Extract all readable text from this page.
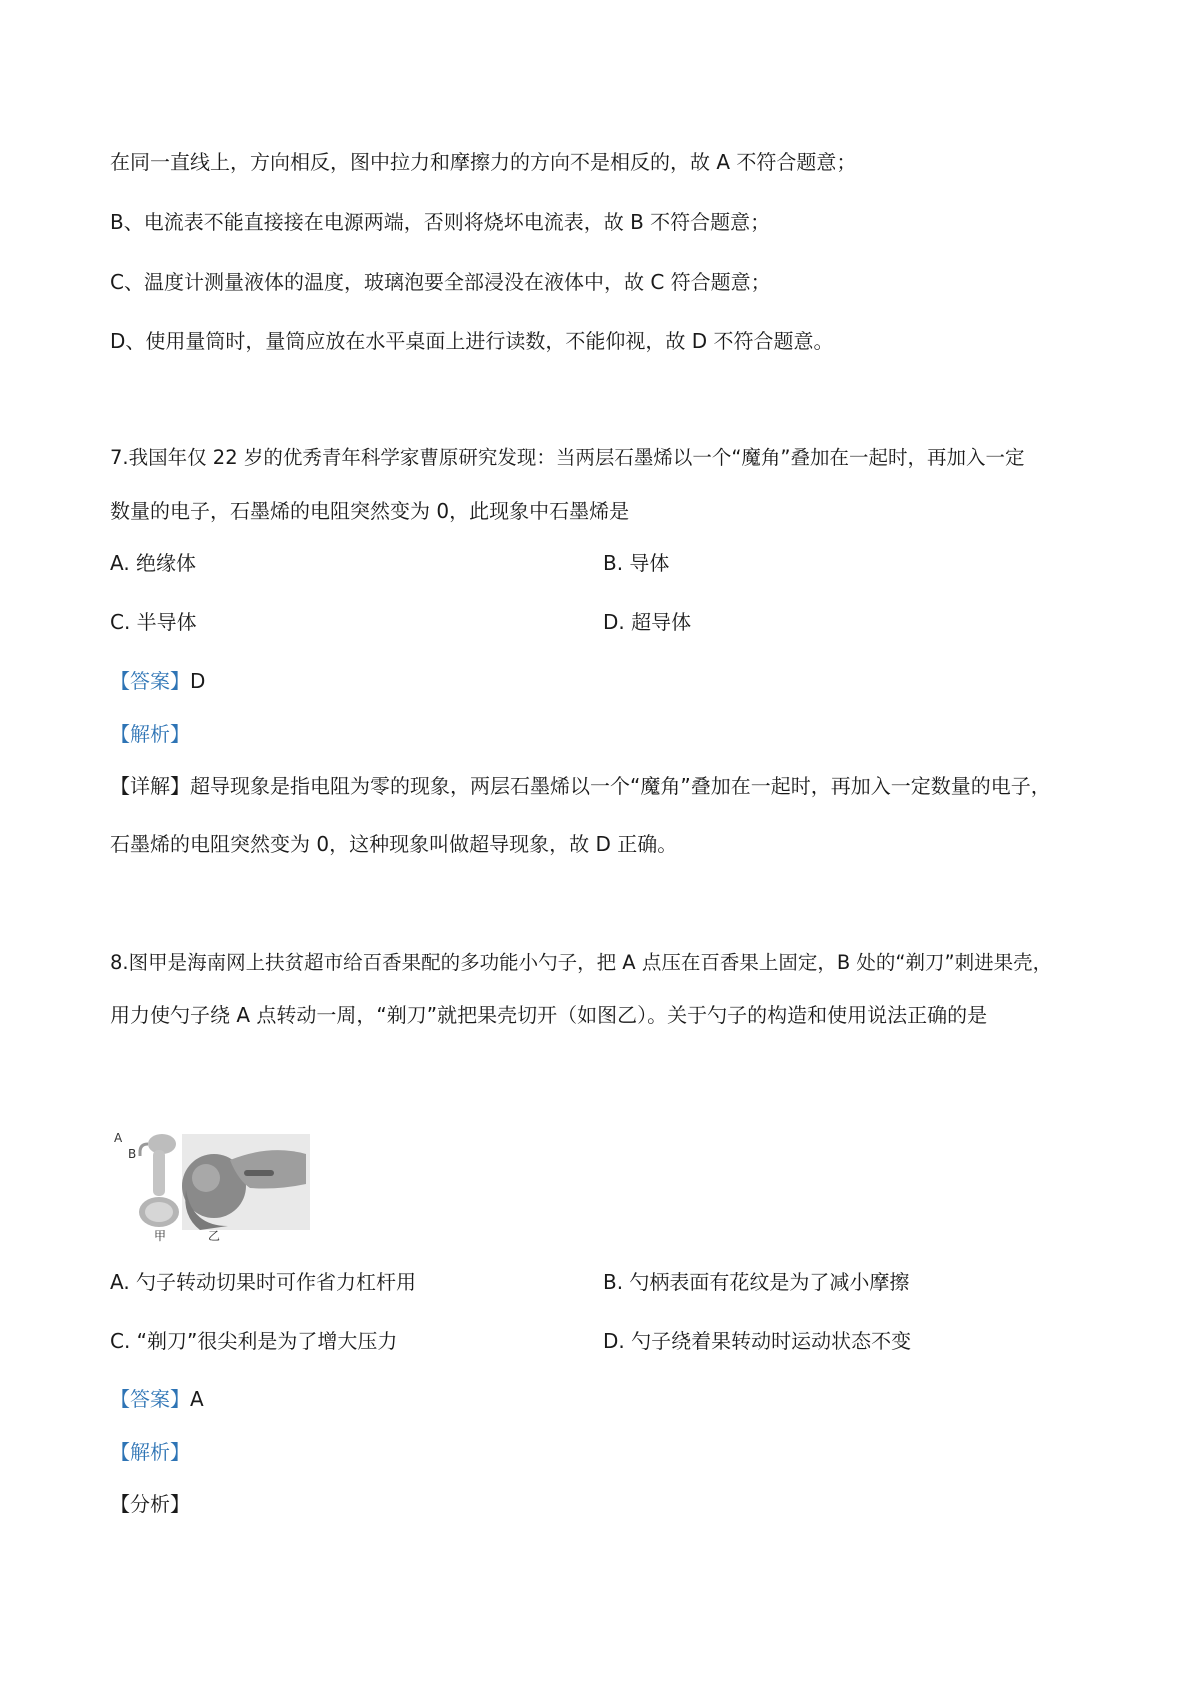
在同一直线上，方向相反，图中拉力和摩擦力的方向不是相反的，故 A 不符合题意；
B、电流表不能直接接在电源两端，否则将烧坏电流表，故 B 不符合题意；
C、温度计测量液体的温度，玻璃泡要全部浸没在液体中，故 C 符合题意；
D、使用量筒时，量筒应放在水平桌面上进行读数，不能仰视，故 D 不符合题意。
7.我国年仅 22 岁的优秀青年科学家曹原研究发现：当两层石墨烯以一个“魔角”叠加在一起时，再加入一定
数量的电子，石墨烯的电阻突然变为 0，此现象中石墨烯是
A. 绝缘体	B. 导体
C. 半导体	D. 超导体
【答案】D
【解析】
【详解】超导现象是指电阻为零的现象，两层石墨烯以一个“魔角”叠加在一起时，再加入一定数量的电子，
石墨烯的电阻突然变为 0，这种现象叫做超导现象，故 D 正确。
8.图甲是海南网上扶贫超市给百香果配的多功能小勺子，把 A 点压在百香果上固定，B 处的“剃刀”刺进果壳，
用力使勺子绕 A 点转动一周，“剃刀”就把果壳切开（如图乙）。关于勺子的构造和使用说法正确的是
A
B
甲	乙
A. 勺子转动切果时可作省力杠杆用	B. 勺柄表面有花纹是为了减小摩擦
C. “剃刀”很尖利是为了增大压力	D. 勺子绕着果转动时运动状态不变
【答案】A
【解析】
【分析】
